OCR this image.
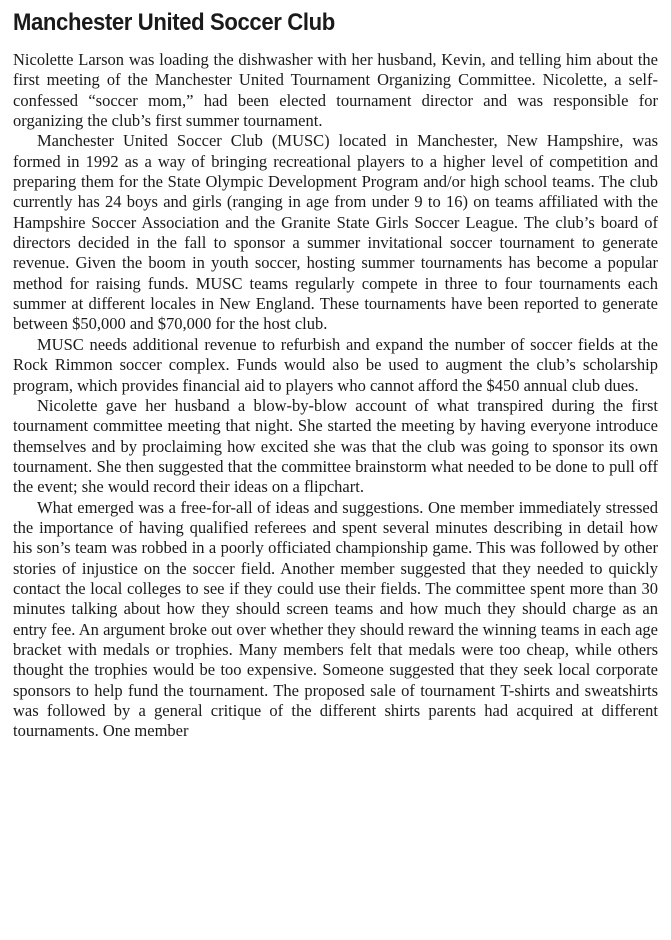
Manchester United Soccer Club

Nicolette Larson was loading the dishwasher with her husband, Kevin, and telling him about the first meeting of the Manchester United Tournament Organizing Committee. Nicolette, a self-confessed “soccer mom,” had been elected tournament director and was responsible for organizing the club’s first summer tournament.

Manchester United Soccer Club (MUSC) located in Manchester, New Hampshire, was formed in 1992 as a way of bringing recreational players to a higher level of competition and preparing them for the State Olympic Development Program and/or high school teams. The club currently has 24 boys and girls (ranging in age from under 9 to 16) on teams affiliated with the Hampshire Soccer Association and the Granite State Girls Soccer League. The club’s board of directors decided in the fall to sponsor a summer invitational soccer tournament to generate revenue. Given the boom in youth soccer, hosting summer tournaments has become a popular method for raising funds. MUSC teams regularly compete in three to four tournaments each summer at different locales in New England. These tournaments have been reported to generate between $50,000 and $70,000 for the host club.

MUSC needs additional revenue to refurbish and expand the number of soccer fields at the Rock Rimmon soccer complex. Funds would also be used to augment the club’s scholarship program, which provides financial aid to players who cannot afford the $450 annual club dues.

Nicolette gave her husband a blow-by-blow account of what transpired during the first tournament committee meeting that night. She started the meeting by having everyone introduce themselves and by proclaiming how excited she was that the club was going to sponsor its own tournament. She then suggested that the committee brainstorm what needed to be done to pull off the event; she would record their ideas on a flipchart.

What emerged was a free-for-all of ideas and suggestions. One member immediately stressed the importance of having qualified referees and spent several minutes describing in detail how his son’s team was robbed in a poorly officiated championship game. This was followed by other stories of injustice on the soccer field. Another member suggested that they needed to quickly contact the local colleges to see if they could use their fields. The committee spent more than 30 minutes talking about how they should screen teams and how much they should charge as an entry fee. An argument broke out over whether they should reward the winning teams in each age bracket with medals or trophies. Many members felt that medals were too cheap, while others thought the trophies would be too expensive. Someone suggested that they seek local corporate sponsors to help fund the tournament. The proposed sale of tournament T-shirts and sweatshirts was followed by a general critique of the different shirts parents had acquired at different tournaments. One member
